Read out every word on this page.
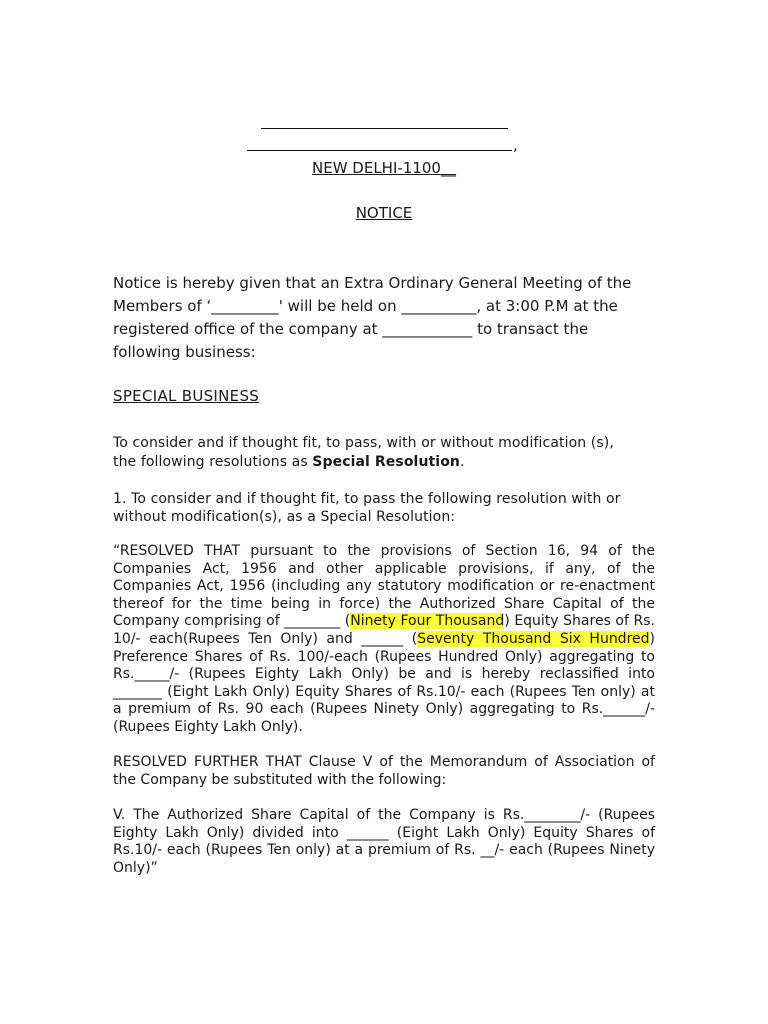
,
NEW DELHI-1100__
NOTICE
Notice is hereby given that an Extra Ordinary General Meeting of the
Members of ‘_________' will be held on __________, at 3:00 P.M at the
registered office of the company at ____________ to transact the
following business:
SPECIAL BUSINESS
To consider and if thought fit, to pass, with or without modification (s),
the following resolutions as Special Resolution.
1. To consider and if thought fit, to pass the following resolution with or
without modification(s), as a Special Resolution:
“RESOLVED THAT pursuant to the provisions of Section 16, 94 of the Companies Act, 1956 and other applicable provisions, if any, of the Companies Act, 1956 (including any statutory modification or re-enactment thereof for the time being in force) the Authorized Share Capital of the Company comprising of ________ (Ninety Four Thousand) Equity Shares of Rs. 10/- each(Rupees Ten Only) and ______ (Seventy Thousand Six Hundred) Preference Shares of Rs. 100/-each (Rupees Hundred Only) aggregating to Rs._____/- (Rupees Eighty Lakh Only) be and is hereby reclassified into _______ (Eight Lakh Only) Equity Shares of Rs.10/- each (Rupees Ten only) at a premium of Rs. 90 each (Rupees Ninety Only) aggregating to Rs.______/- (Rupees Eighty Lakh Only).
RESOLVED FURTHER THAT Clause V of the Memorandum of Association of the Company be substituted with the following:
V. The Authorized Share Capital of the Company is Rs.________/- (Rupees Eighty Lakh Only) divided into ______ (Eight Lakh Only) Equity Shares of Rs.10/- each (Rupees Ten only) at a premium of Rs. __/- each (Rupees Ninety Only)”
